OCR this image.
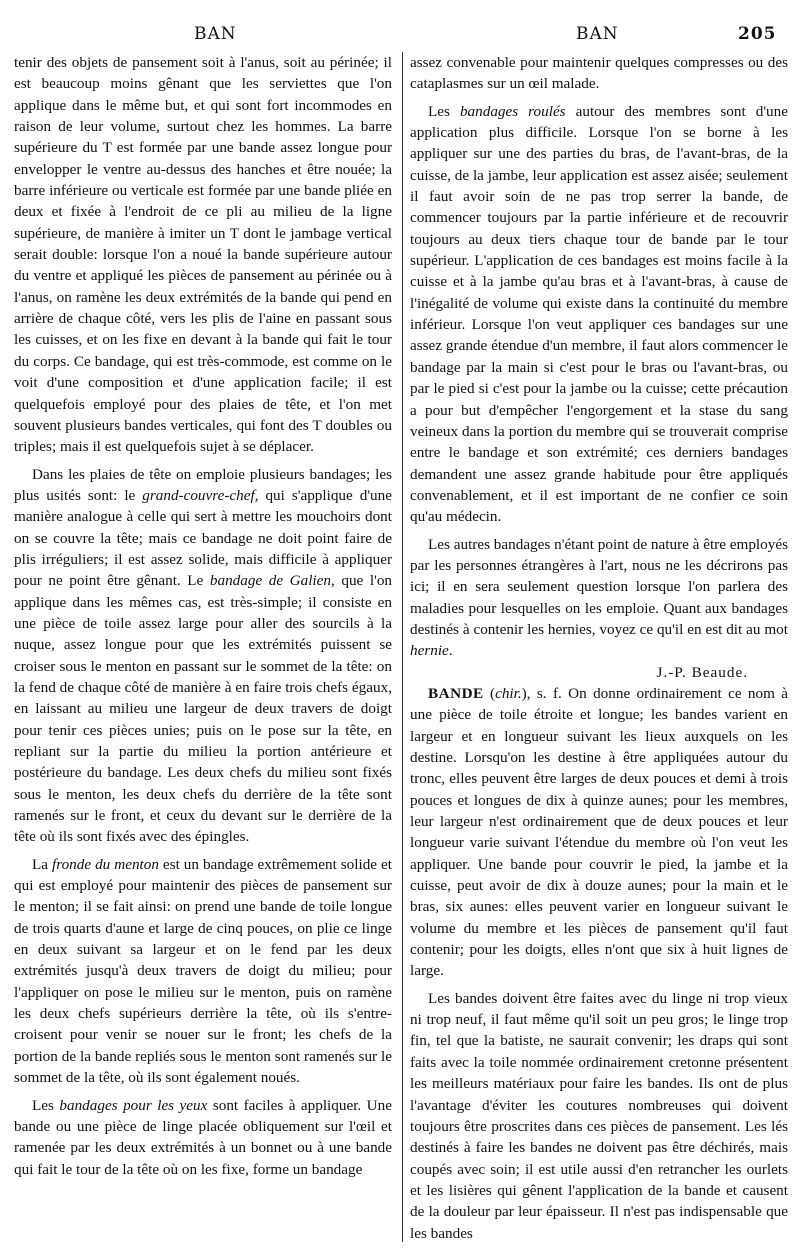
BAN	BAN	205

tenir des objets de pansement soit à l'anus, soit au périnée; il est beaucoup moins gênant que les serviettes que l'on applique dans le même but, et qui sont fort incommodes en raison de leur volume, surtout chez les hommes. La barre supérieure du T est formée par une bande assez longue pour envelopper le ventre au-dessus des hanches et être nouée; la barre inférieure ou verticale est formée par une bande pliée en deux et fixée à l'endroit de ce pli au milieu de la ligne supérieure, de manière à imiter un T dont le jambage vertical serait double: lorsque l'on a noué la bande supérieure autour du ventre et appliqué les pièces de pansement au périnée ou à l'anus, on ramène les deux extrémités de la bande qui pend en arrière de chaque côté, vers les plis de l'aine en passant sous les cuisses, et on les fixe en devant à la bande qui fait le tour du corps. Ce bandage, qui est très-commode, est comme on le voit d'une composition et d'une application facile; il est quelquefois employé pour des plaies de tête, et l'on met souvent plusieurs bandes verticales, qui font des T doubles ou triples; mais il est quelquefois sujet à se déplacer.

Dans les plaies de tête on emploie plusieurs bandages; les plus usités sont: le grand-couvre-chef, qui s'applique d'une manière analogue à celle qui sert à mettre les mouchoirs dont on se couvre la tête; mais ce bandage ne doit point faire de plis irréguliers; il est assez solide, mais difficile à appliquer pour ne point être gênant. Le bandage de Galien, que l'on applique dans les mêmes cas, est très-simple; il consiste en une pièce de toile assez large pour aller des sourcils à la nuque, assez longue pour que les extrémités puissent se croiser sous le menton en passant sur le sommet de la tête: on la fend de chaque côté de manière à en faire trois chefs égaux, en laissant au milieu une largeur de deux travers de doigt pour tenir ces pièces unies; puis on le pose sur la tête, en repliant sur la partie du milieu la portion antérieure et postérieure du bandage. Les deux chefs du milieu sont fixés sous le menton, les deux chefs du derrière de la tête sont ramenés sur le front, et ceux du devant sur le derrière de la tête où ils sont fixés avec des épingles.

La fronde du menton est un bandage extrêmement solide et qui est employé pour maintenir des pièces de pansement sur le menton; il se fait ainsi: on prend une bande de toile longue de trois quarts d'aune et large de cinq pouces, on plie ce linge en deux suivant sa largeur et on le fend par les deux extrémités jusqu'à deux travers de doigt du milieu; pour l'appliquer on pose le milieu sur le menton, puis on ramène les deux chefs supérieurs derrière la tête, où ils s'entre-croisent pour venir se nouer sur le front; les chefs de la portion de la bande repliés sous le menton sont ramenés sur le sommet de la tête, où ils sont également noués.

Les bandages pour les yeux sont faciles à appliquer. Une bande ou une pièce de linge placée obliquement sur l'œil et ramenée par les deux extrémités à un bonnet ou à une bande qui fait le tour de la tête où on les fixe, forme un bandage

assez convenable pour maintenir quelques compresses ou des cataplasmes sur un œil malade.

Les bandages roulés autour des membres sont d'une application plus difficile. Lorsque l'on se borne à les appliquer sur une des parties du bras, de l'avant-bras, de la cuisse, de la jambe, leur application est assez aisée; seulement il faut avoir soin de ne pas trop serrer la bande, de commencer toujours par la partie inférieure et de recouvrir toujours au deux tiers chaque tour de bande par le tour supérieur. L'application de ces bandages est moins facile à la cuisse et à la jambe qu'au bras et à l'avant-bras, à cause de l'inégalité de volume qui existe dans la continuité du membre inférieur. Lorsque l'on veut appliquer ces bandages sur une assez grande étendue d'un membre, il faut alors commencer le bandage par la main si c'est pour le bras ou l'avant-bras, ou par le pied si c'est pour la jambe ou la cuisse; cette précaution a pour but d'empêcher l'engorgement et la stase du sang veineux dans la portion du membre qui se trouverait comprise entre le bandage et son extrémité; ces derniers bandages demandent une assez grande habitude pour être appliqués convenablement, et il est important de ne confier ce soin qu'au médecin.

Les autres bandages n'étant point de nature à être employés par les personnes étrangères à l'art, nous ne les décrirons pas ici; il en sera seulement question lorsque l'on parlera des maladies pour lesquelles on les emploie. Quant aux bandages destinés à contenir les hernies, voyez ce qu'il en est dit au mot hernie.

J.-P. Beaude.

BANDE (chir.), s. f. On donne ordinairement ce nom à une pièce de toile étroite et longue; les bandes varient en largeur et en longueur suivant les lieux auxquels on les destine. Lorsqu'on les destine à être appliquées autour du tronc, elles peuvent être larges de deux pouces et demi à trois pouces et longues de dix à quinze aunes; pour les membres, leur largeur n'est ordinairement que de deux pouces et leur longueur varie suivant l'étendue du membre où l'on veut les appliquer. Une bande pour couvrir le pied, la jambe et la cuisse, peut avoir de dix à douze aunes; pour la main et le bras, six aunes: elles peuvent varier en longueur suivant le volume du membre et les pièces de pansement qu'il faut contenir; pour les doigts, elles n'ont que six à huit lignes de large.

Les bandes doivent être faites avec du linge ni trop vieux ni trop neuf, il faut même qu'il soit un peu gros; le linge trop fin, tel que la batiste, ne saurait convenir; les draps qui sont faits avec la toile nommée ordinairement cretonne présentent les meilleurs matériaux pour faire les bandes. Ils ont de plus l'avantage d'éviter les coutures nombreuses qui doivent toujours être proscrites dans ces pièces de pansement. Les lés destinés à faire les bandes ne doivent pas être déchirés, mais coupés avec soin; il est utile aussi d'en retrancher les ourlets et les lisières qui gênent l'application de la bande et causent de la douleur par leur épaisseur. Il n'est pas indispensable que les bandes
